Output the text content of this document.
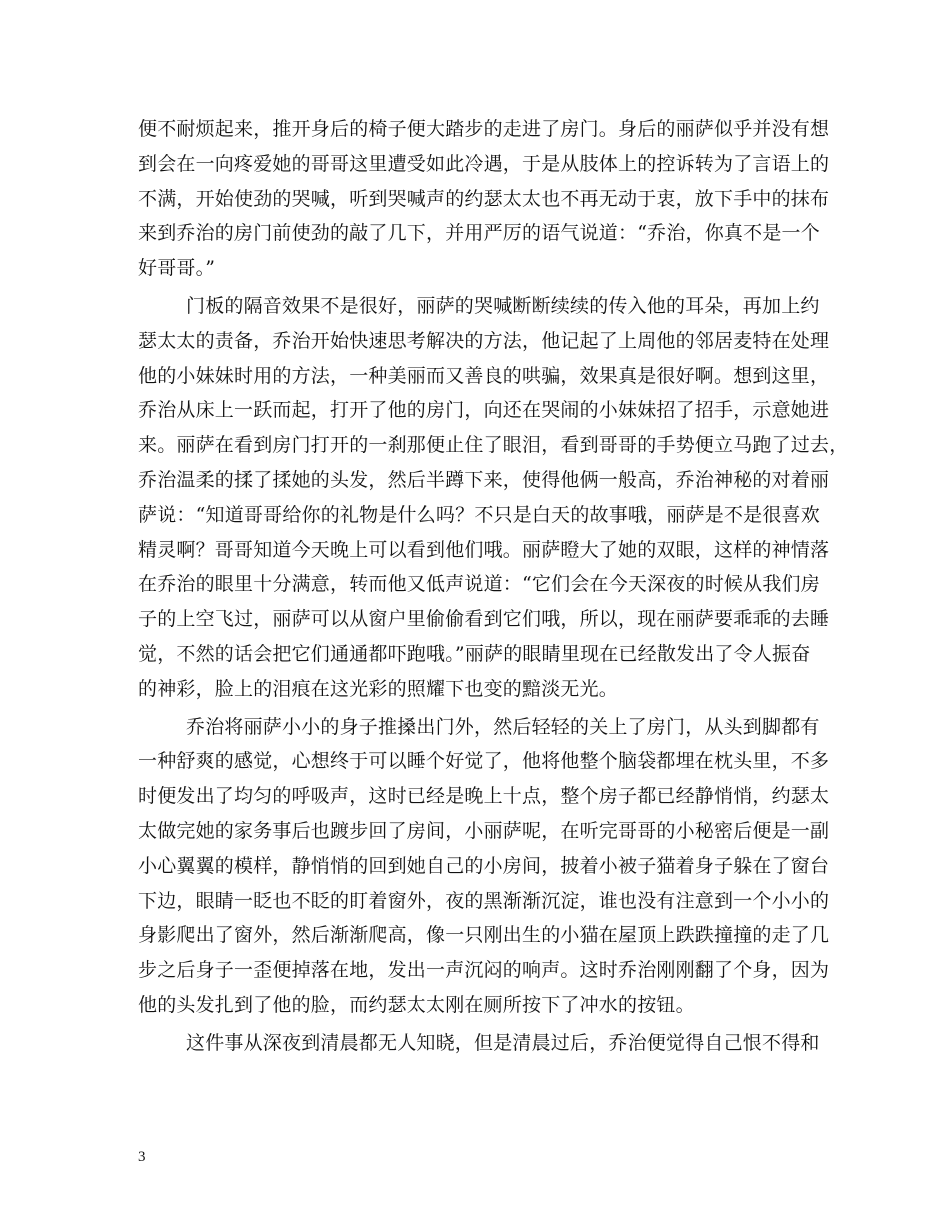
便不耐烦起来，推开身后的椅子便大踏步的走进了房门。身后的丽萨似乎并没有想
到会在一向疼爱她的哥哥这里遭受如此冷遇，于是从肢体上的控诉转为了言语上的
不满，开始使劲的哭喊，听到哭喊声的约瑟太太也不再无动于衷，放下手中的抹布
来到乔治的房门前使劲的敲了几下，并用严厉的语气说道：“乔治，你真不是一个
好哥哥。”
门板的隔音效果不是很好，丽萨的哭喊断断续续的传入他的耳朵，再加上约
瑟太太的责备，乔治开始快速思考解决的方法，他记起了上周他的邻居麦特在处理
他的小妹妹时用的方法，一种美丽而又善良的哄骗，效果真是很好啊。想到这里，
乔治从床上一跃而起，打开了他的房门，向还在哭闹的小妹妹招了招手，示意她进
来。丽萨在看到房门打开的一刹那便止住了眼泪，看到哥哥的手势便立马跑了过去，
乔治温柔的揉了揉她的头发，然后半蹲下来，使得他俩一般高，乔治神秘的对着丽
萨说：“知道哥哥给你的礼物是什么吗？不只是白天的故事哦，丽萨是不是很喜欢
精灵啊？哥哥知道今天晚上可以看到他们哦。丽萨瞪大了她的双眼，这样的神情落
在乔治的眼里十分满意，转而他又低声说道：“它们会在今天深夜的时候从我们房
子的上空飞过，丽萨可以从窗户里偷偷看到它们哦，所以，现在丽萨要乖乖的去睡
觉，不然的话会把它们通通都吓跑哦。”丽萨的眼睛里现在已经散发出了令人振奋
的神彩，脸上的泪痕在这光彩的照耀下也变的黯淡无光。
乔治将丽萨小小的身子推搡出门外，然后轻轻的关上了房门，从头到脚都有
一种舒爽的感觉，心想终于可以睡个好觉了，他将他整个脑袋都埋在枕头里，不多
时便发出了均匀的呼吸声，这时已经是晚上十点，整个房子都已经静悄悄，约瑟太
太做完她的家务事后也踱步回了房间，小丽萨呢，在听完哥哥的小秘密后便是一副
小心翼翼的模样，静悄悄的回到她自己的小房间，披着小被子猫着身子躲在了窗台
下边，眼睛一眨也不眨的盯着窗外，夜的黑渐渐沉淀，谁也没有注意到一个小小的
身影爬出了窗外，然后渐渐爬高，像一只刚出生的小猫在屋顶上跌跌撞撞的走了几
步之后身子一歪便掉落在地，发出一声沉闷的响声。这时乔治刚刚翻了个身，因为
他的头发扎到了他的脸，而约瑟太太刚在厕所按下了冲水的按钮。
这件事从深夜到清晨都无人知晓，但是清晨过后，乔治便觉得自己恨不得和
3
